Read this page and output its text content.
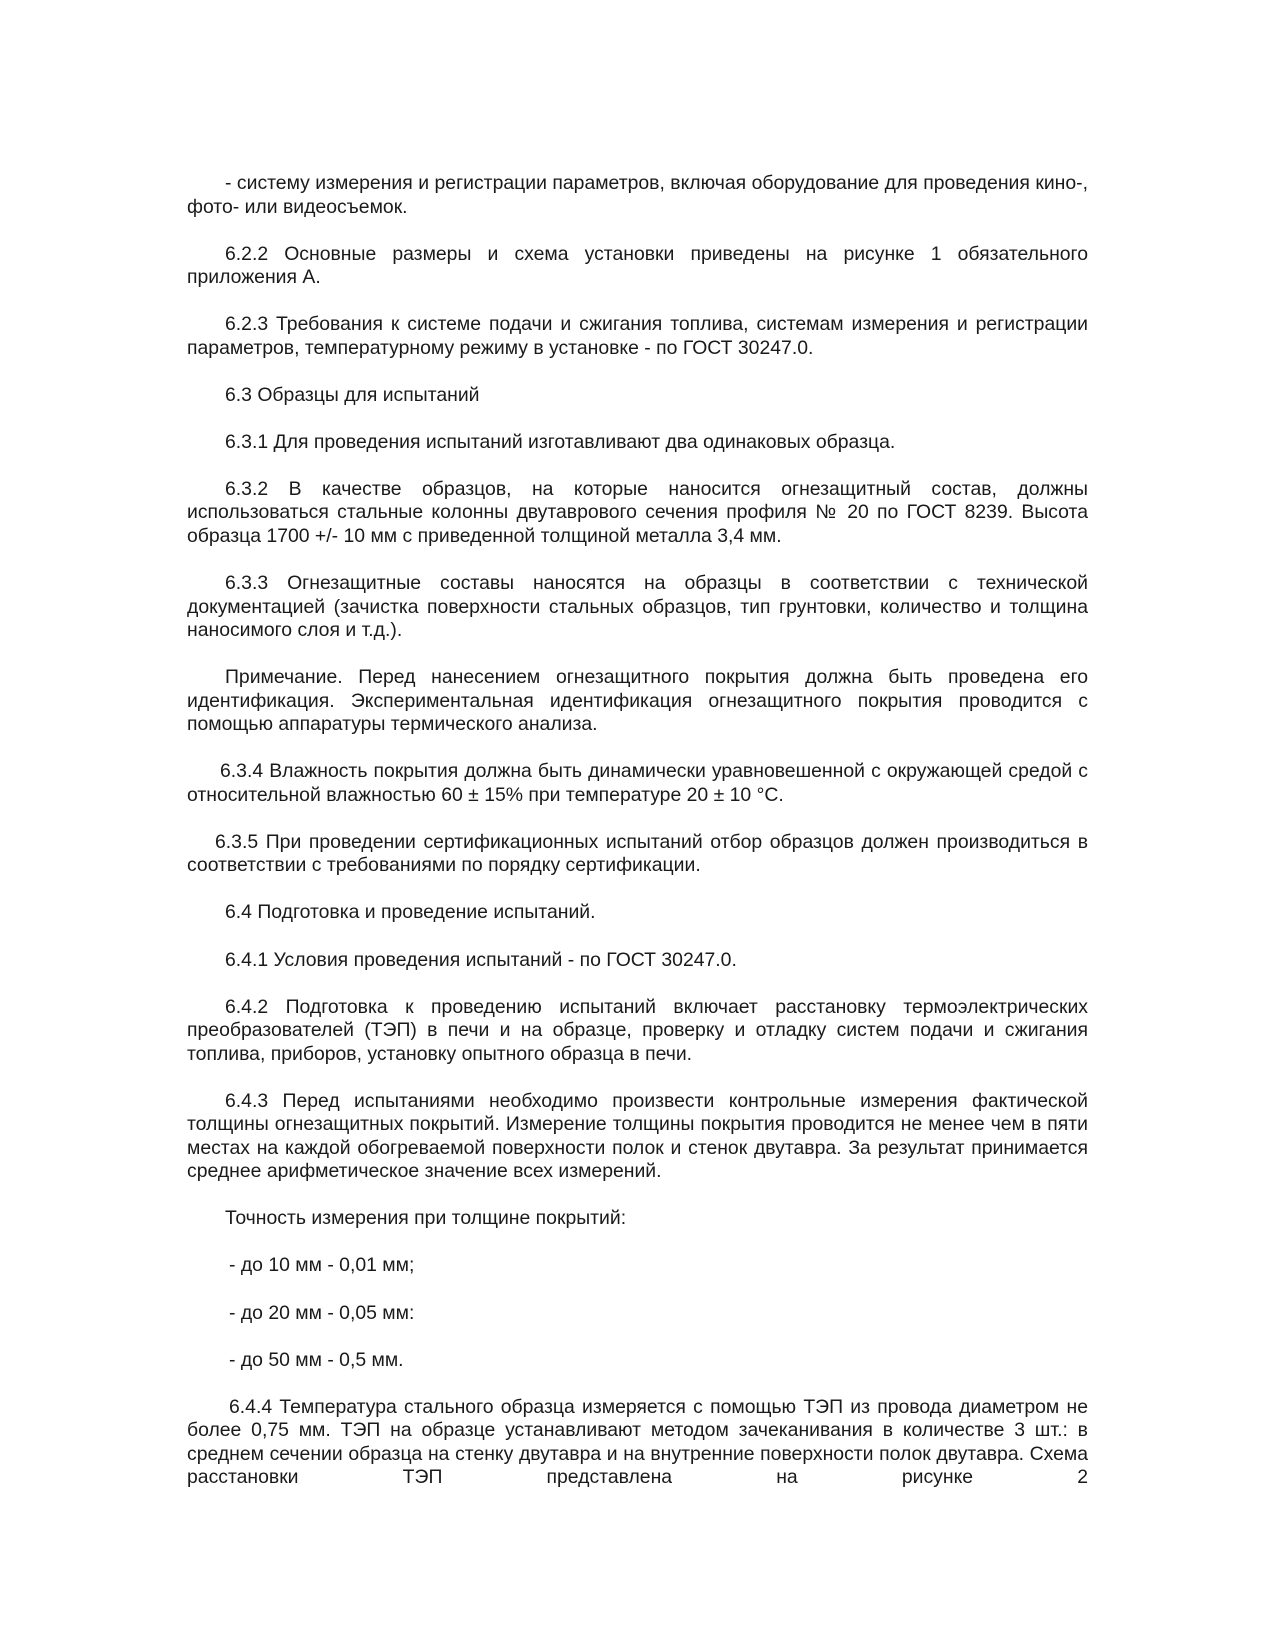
- систему измерения и регистрации параметров, включая оборудование для проведения кино-, фото- или видеосъемок.

6.2.2 Основные размеры и схема установки приведены на рисунке 1 обязательного приложения А.

6.2.3 Требования к системе подачи и сжигания топлива, системам измерения и регистрации параметров, температурному режиму в установке - по ГОСТ 30247.0.

6.3 Образцы для испытаний

6.3.1 Для проведения испытаний изготавливают два одинаковых образца.

6.3.2 В качестве образцов, на которые наносится огнезащитный состав, должны использоваться стальные колонны двутаврового сечения профиля № 20 по ГОСТ 8239. Высота образца 1700 +/- 10 мм с приведенной толщиной металла 3,4 мм.

6.3.3 Огнезащитные составы наносятся на образцы в соответствии с технической документацией (зачистка поверхности стальных образцов, тип грунтовки, количество и толщина наносимого слоя и т.д.).

Примечание. Перед нанесением огнезащитного покрытия должна быть проведена его идентификация. Экспериментальная идентификация огнезащитного покрытия проводится с помощью аппаратуры термического анализа.

6.3.4 Влажность покрытия должна быть динамически уравновешенной с окружающей средой с относительной влажностью 60 ± 15% при температуре 20 ± 10 °С.

6.3.5 При проведении сертификационных испытаний отбор образцов должен производиться в соответствии с требованиями по порядку сертификации.

6.4 Подготовка и проведение испытаний.

6.4.1 Условия проведения испытаний - по ГОСТ 30247.0.

6.4.2 Подготовка к проведению испытаний включает расстановку термоэлектрических преобразователей (ТЭП) в печи и на образце, проверку и отладку систем подачи и сжигания топлива, приборов, установку опытного образца в печи.

6.4.3 Перед испытаниями необходимо произвести контрольные измерения фактической толщины огнезащитных покрытий. Измерение толщины покрытия проводится не менее чем в пяти местах на каждой обогреваемой поверхности полок и стенок двутавра. За результат принимается среднее арифметическое значение всех измерений.

Точность измерения при толщине покрытий:

- до 10 мм - 0,01 мм;

- до 20 мм - 0,05 мм:

- до 50 мм - 0,5 мм.

6.4.4 Температура стального образца измеряется с помощью ТЭП из провода диаметром не более 0,75 мм. ТЭП на образце устанавливают методом зачеканивания в количестве 3 шт.: в среднем сечении образца на стенку двутавра и на внутренние поверхности полок двутавра. Схема расстановки ТЭП представлена на рисунке 2
